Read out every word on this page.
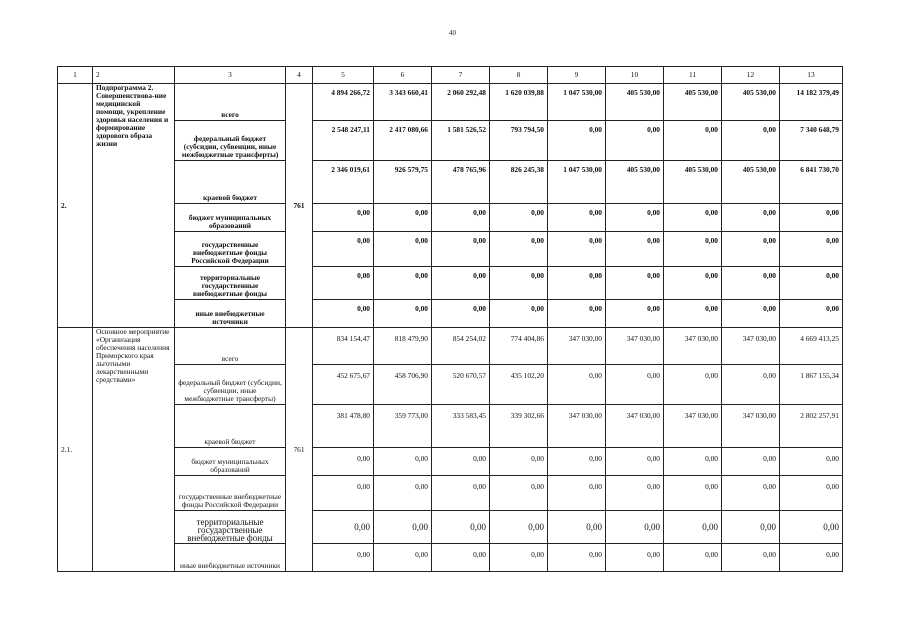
40
1	2	3	4	5	6	7	8	9	10	11	12	13
2.	Подпрограмма 2. Совершенствова-ние медицинской помощи, укрепление здоровья населения и формирование здорового образа жизни	всего	761	4 894 266,72	3 343 660,41	2 060 292,48	1 620 039,88	1 047 530,00	405 530,00	405 530,00	405 530,00	14 182 379,49
		федеральный бюджет (субсидии, субвенции, иные межбюджетные трансферты)		2 548 247,11	2 417 080,66	1 581 526,52	793 794,50	0,00	0,00	0,00	0,00	7 340 648,79
		краевой бюджет		2 346 019,61	926 579,75	478 765,96	826 245,38	1 047 530,00	405 530,00	405 530,00	405 530,00	6 841 730,70
		бюджет муниципальных образований		0,00	0,00	0,00	0,00	0,00	0,00	0,00	0,00	0,00
		государственные внебюджетные фонды Российской Федерации		0,00	0,00	0,00	0,00	0,00	0,00	0,00	0,00	0,00
		территориальные государственные внебюджетные фонды		0,00	0,00	0,00	0,00	0,00	0,00	0,00	0,00	0,00
		иные внебюджетные источники		0,00	0,00	0,00	0,00	0,00	0,00	0,00	0,00	0,00
2.1.	Основное мероприятие «Организация обеспечения населения Приморского края льготными лекарственными средствами»	всего	761	834 154,47	818 479,90	854 254,02	774 404,86	347 030,00	347 030,00	347 030,00	347 030,00	4 669 413,25
		федеральный бюджет (субсидии, субвенции, иные межбюджетные трансферты)		452 675,67	458 706,90	520 670,57	435 102,20	0,00	0,00	0,00	0,00	1 867 155,34
		краевой бюджет		381 478,80	359 773,00	333 583,45	339 302,66	347 030,00	347 030,00	347 030,00	347 030,00	2 802 257,91
		бюджет муниципальных образований		0,00	0,00	0,00	0,00	0,00	0,00	0,00	0,00	0,00
		государственные внебюджетные фонды Российской Федерации		0,00	0,00	0,00	0,00	0,00	0,00	0,00	0,00	0,00
		территориальные государственные внебюджетные фонды		0,00	0,00	0,00	0,00	0,00	0,00	0,00	0,00	0,00
		иные внебюджетные источники		0,00	0,00	0,00	0,00	0,00	0,00	0,00	0,00	0,00
